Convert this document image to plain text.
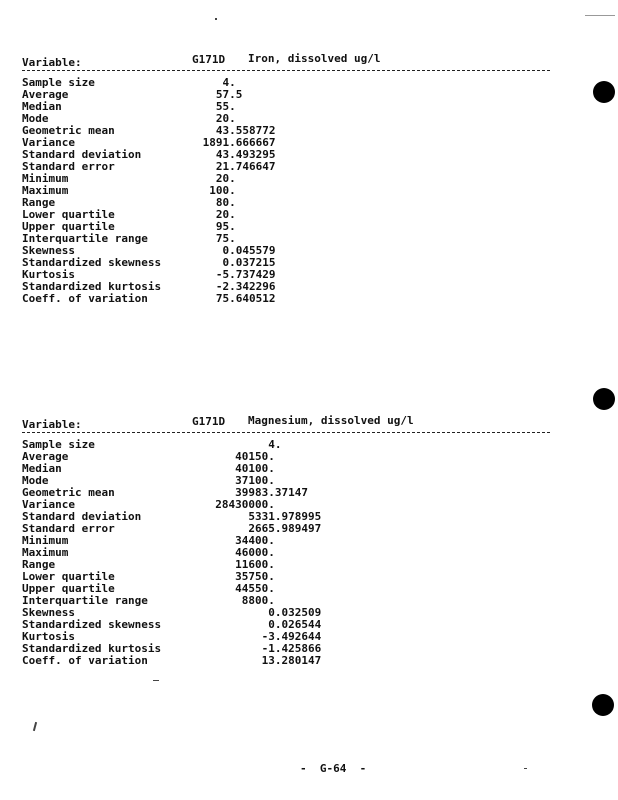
Variable:	G171D Iron, dissolved ug/l
Sample size	4.
Average	57.5
Median	55.
Mode	20.
Geometric mean	43.558772
Variance	1891.666667
Standard deviation	43.493295
Standard error	21.746647
Minimum	20.
Maximum	100.
Range	80.
Lower quartile	20.
Upper quartile	95.
Interquartile range	75.
Skewness	0.045579
Standardized skewness	0.037215
Kurtosis	-5.737429
Standardized kurtosis	-2.342296
Coeff. of variation	75.640512
Variable:	G171D Magnesium, dissolved ug/l
Sample size	4.
Average	40150.
Median	40100.
Mode	37100.
Geometric mean	39983.37147
Variance	28430000.
Standard deviation	5331.978995
Standard error	2665.989497
Minimum	34400.
Maximum	46000.
Range	11600.
Lower quartile	35750.
Upper quartile	44550.
Interquartile range	8800.
Skewness	0.032509
Standardized skewness	0.026544
Kurtosis	-3.492644
Standardized kurtosis	-1.425866
Coeff. of variation	13.280147
-  G-64  -
